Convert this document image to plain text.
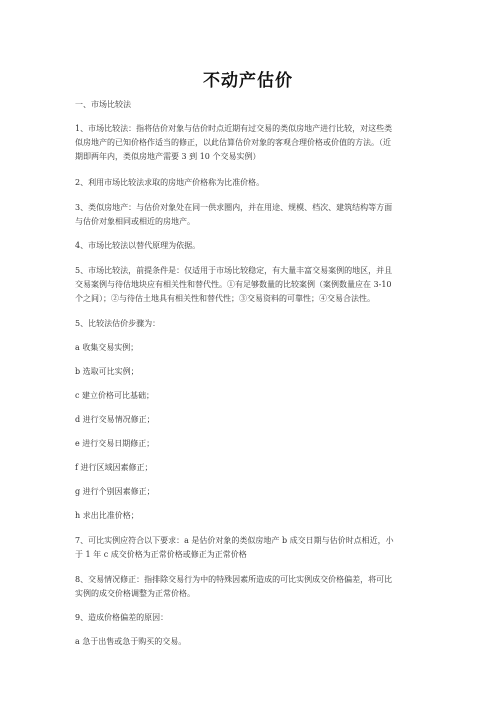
不动产估价
一、市场比较法
1、市场比较法：指将估价对象与估价时点近期有过交易的类似房地产进行比较，对这些类
似房地产的已知价格作适当的修正，以此估算估价对象的客观合理价格或价值的方法。（近
期即两年内，类似房地产需要 3 到 10 个交易实例）
2、利用市场比较法求取的房地产价格称为比准价格。
3、类似房地产：与估价对象处在同一供求圈内，并在用途、规模、档次、建筑结构等方面
与估价对象相同或相近的房地产。
4、市场比较法以替代原理为依据。
5、市场比较法，前提条件是：仅适用于市场比较稳定，有大量丰富交易案例的地区，并且
交易案例与待估地块应有相关性和替代性。①有足够数量的比较案例（案例数量应在 3-10
个之间）；②与待估土地具有相关性和替代性；③交易资料的可靠性；④交易合法性。
5、比较法估价步骤为：
a 收集交易实例；
b 选取可比实例；
c 建立价格可比基础；
d 进行交易情况修正；
e 进行交易日期修正；
f 进行区域因素修正；
g 进行个别因素修正；
h 求出比准价格；
7、可比实例应符合以下要求：a 是估价对象的类似房地产 b 成交日期与估价时点相近，小
于 1 年 c 成交价格为正常价格或修正为正常价格
8、交易情况修正：指排除交易行为中的特殊因素所造成的可比实例成交价格偏差，将可比
实例的成交价格调整为正常价格。
9、造成价格偏差的原因：
a 急于出售或急于购买的交易。
